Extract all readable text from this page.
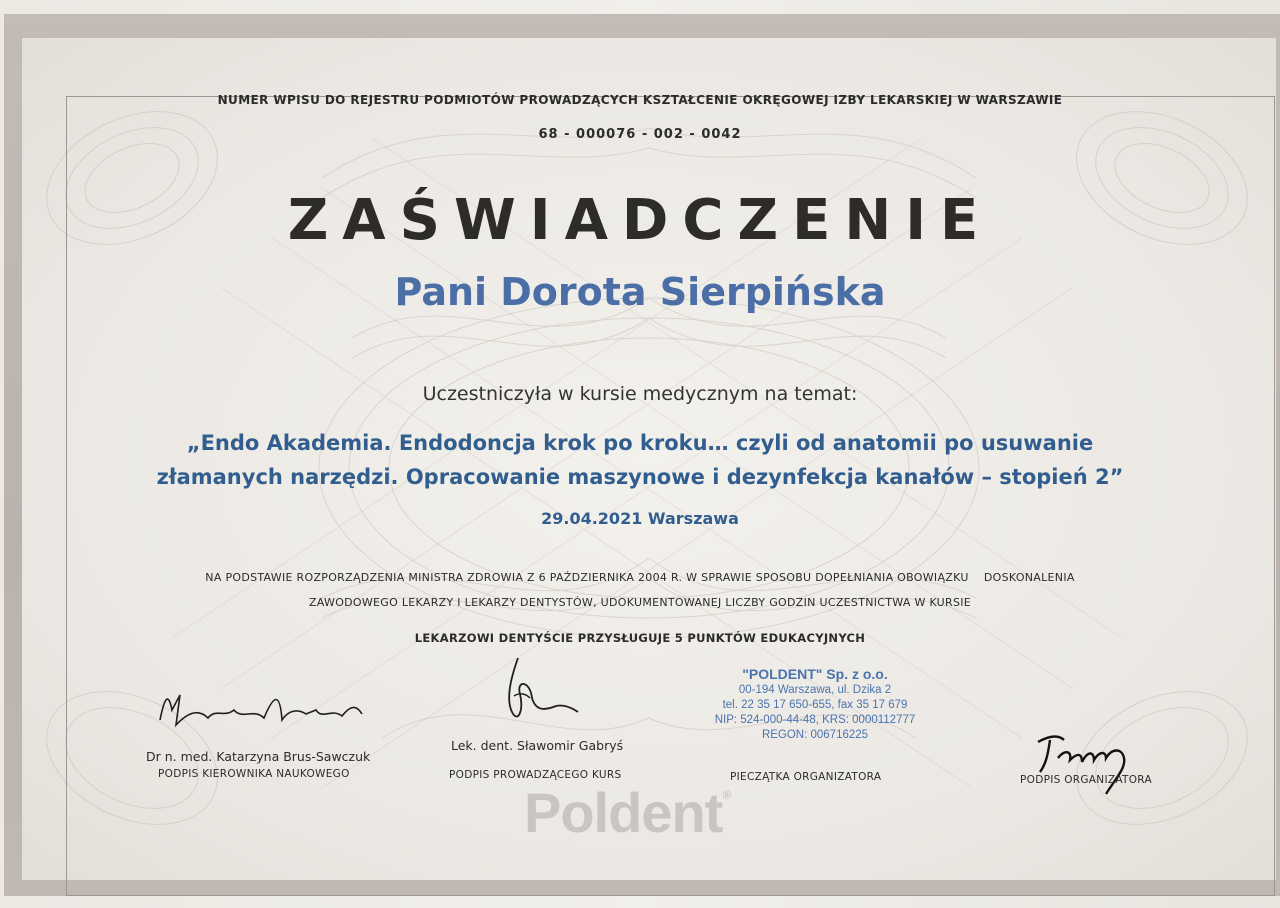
NUMER WPISU DO REJESTRU PODMIOTÓW PROWADZĄCYCH KSZTAŁCENIE OKRĘGOWEJ IZBY LEKARSKIEJ W WARSZAWIE
68 - 000076 - 002 - 0042
ZAŚWIADCZENIE
Pani Dorota Sierpińska
Uczestniczyła w kursie medycznym na temat:
„Endo Akademia. Endodoncja krok po kroku… czyli od anatomii po usuwanie
złamanych narzędzi. Opracowanie maszynowe i dezynfekcja kanałów – stopień 2”
29.04.2021 Warszawa
NA PODSTAWIE ROZPORZĄDZENIA MINISTRA ZDROWIA Z 6 PAŹDZIERNIKA 2004 R. W SPRAWIE SPOSOBU DOPEŁNIANIA OBOWIĄZKU    DOSKONALENIA
ZAWODOWEGO LEKARZY I LEKARZY DENTYSTÓW, UDOKUMENTOWANEJ LICZBY GODZIN UCZESTNICTWA W KURSIE
LEKARZOWI DENTYŚCIE PRZYSŁUGUJE 5 PUNKTÓW EDUKACYJNYCH
Dr n. med. Katarzyna Brus-Sawczuk
PODPIS KIEROWNIKA NAUKOWEGO
Lek. dent. Sławomir Gabryś
PODPIS PROWADZĄCEGO KURS
"POLDENT" Sp. z o.o.
00-194 Warszawa, ul. Dzika 2
tel. 22 35 17 650-655, fax 35 17 679
NIP: 524-000-44-48, KRS: 0000112777
REGON: 006716225
PIECZĄTKA ORGANIZATORA	PODPIS ORGANIZATORA
Poldent®
